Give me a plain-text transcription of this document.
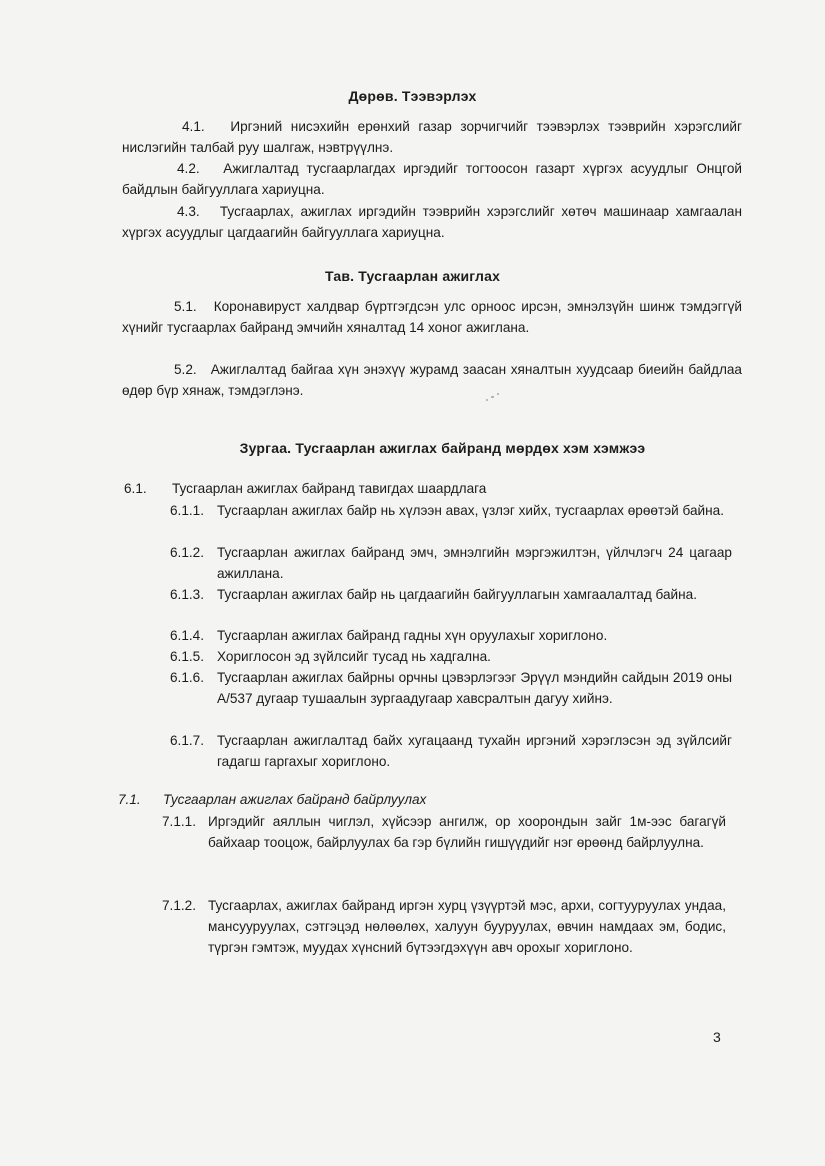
Дөрөв. Тээвэрлэх
4.1. Иргэний нисэхийн ерөнхий газар зорчигчийг тээвэрлэх тээврийн хэрэгслийг нислэгийн талбай руу шалгаж, нэвтрүүлнэ.
4.2. Ажиглалтад тусгаарлагдах иргэдийг тогтоосон газарт хүргэх асуудлыг Онцгой байдлын байгууллага хариуцна.
4.3. Тусгаарлах, ажиглах иргэдийн тээврийн хэрэгслийг хөтөч машинаар хамгаалан хүргэх асуудлыг цагдаагийн байгууллага хариуцна.
Тав. Тусгаарлан ажиглах
5.1. Коронавируст халдвар бүртгэгдсэн улс орноос ирсэн, эмнэлзүйн шинж тэмдэггүй хүнийг тусгаарлах байранд эмчийн хяналтад 14 хоног ажиглана.
5.2. Ажиглалтад байгаа хүн энэхүү журамд заасан хяналтын хуудсаар биеийн байдлаа өдөр бүр хянаж, тэмдэглэнэ.
Зургаа. Тусгаарлан ажиглах байранд мөрдөх хэм хэмжээ
6.1. Тусгаарлан ажиглах байранд тавигдах шаардлага
6.1.1. Тусгаарлан ажиглах байр нь хүлээн авах, үзлэг хийх, тусгаарлах өрөөтэй байна.
6.1.2. Тусгаарлан ажиглах байранд эмч, эмнэлгийн мэргэжилтэн, үйлчлэгч 24 цагаар ажиллана.
6.1.3. Тусгаарлан ажиглах байр нь цагдаагийн байгууллагын хамгаалалтад байна.
6.1.4. Тусгаарлан ажиглах байранд гадны хүн оруулахыг хориглоно.
6.1.5. Хориглосон эд зүйлсийг тусад нь хадгална.
6.1.6. Тусгаарлан ажиглах байрны орчны цэвэрлэгээг Эрүүл мэндийн сайдын 2019 оны А/537 дугаар тушаалын зургаадугаар хавсралтын дагуу хийнэ.
6.1.7. Тусгаарлан ажиглалтад байх хугацаанд тухайн иргэний хэрэглэсэн эд зүйлсийг гадагш гаргахыг хориглоно.
7.1. Тусгаарлан ажиглах байранд байрлуулах
7.1.1. Иргэдийг аяллын чиглэл, хүйсээр ангилж, ор хоорондын зайг 1м-ээс багагүй байхаар тооцож, байрлуулах ба гэр бүлийн гишүүдийг нэг өрөөнд байрлуулна.
7.1.2. Тусгаарлах, ажиглах байранд иргэн хурц үзүүртэй мэс, архи, согтууруулах ундаа, мансууруулах, сэтгэцэд нөлөөлөх, халуун бууруулах, өвчин намдаах эм, бодис, түргэн гэмтэж, муудах хүнсний бүтээгдэхүүн авч орохыг хориглоно.
3
